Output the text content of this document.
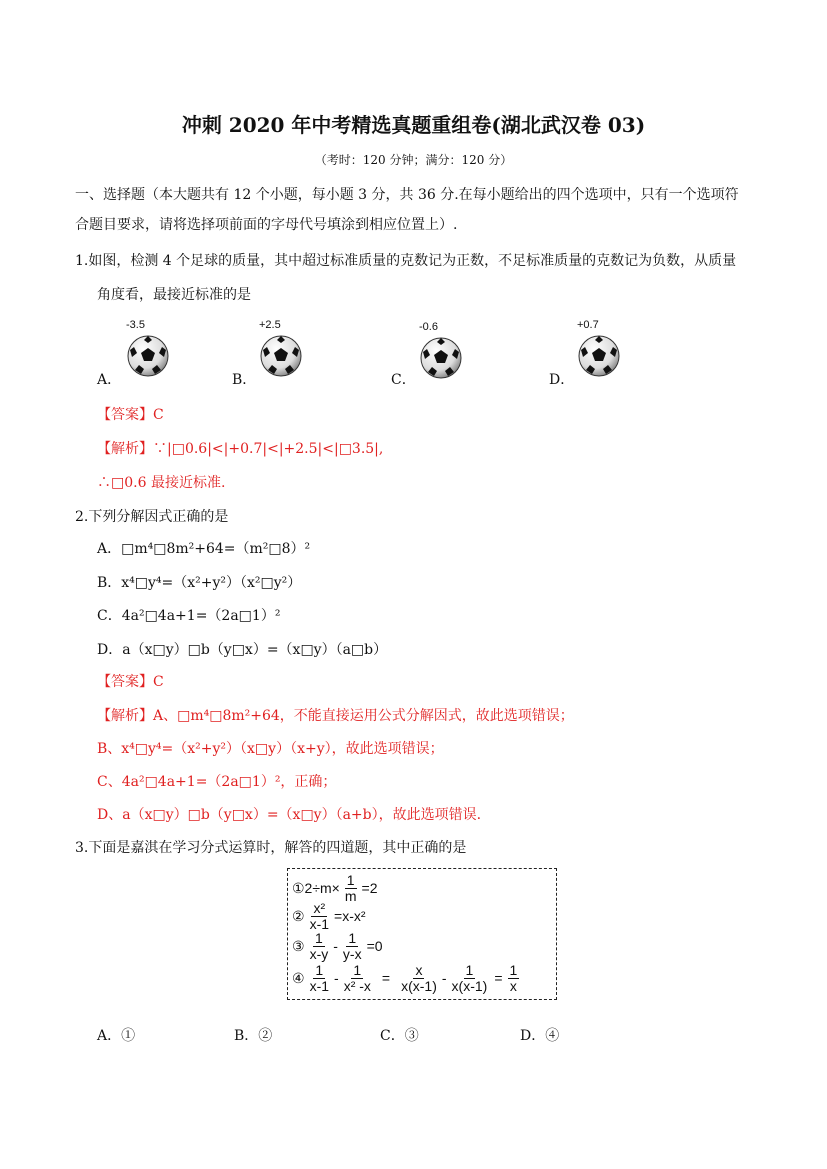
冲刺 2020 年中考精选真题重组卷(湖北武汉卷 03)
（考时：120 分钟；满分：120 分）
一、选择题（本大题共有 12 个小题，每小题 3 分，共 36 分.在每小题给出的四个选项中，只有一个选项符
合题目要求，请将选择项前面的字母代号填涂到相应位置上）.
1.如图，检测 4 个足球的质量，其中超过标准质量的克数记为正数，不足标准质量的克数记为负数，从质量
角度看，最接近标准的是
A．
-3.5
B．
+2.5
C．
-0.6
D．
+0.7
【答案】C
【解析】∵|□0.6|<|+0.7|<|+2.5|<|□3.5|,
∴□0.6 最接近标准.
2.下列分解因式正确的是
A．□m⁴□8m²+64=（m²□8）²
B．x⁴□y⁴=（x²+y²）（x²□y²）
C．4a²□4a+1=（2a□1）²
D．a（x□y）□b（y□x）=（x□y）（a□b）
【答案】C
【解析】A、□m⁴□8m²+64，不能直接运用公式分解因式，故此选项错误；
B、x⁴□y⁴=（x²+y²）（x□y）（x+y），故此选项错误；
C、4a²□4a+1=（2a□1）²，正确；
D、a（x□y）□b（y□x）=（x□y）（a+b），故此选项错误.
3.下面是嘉淇在学习分式运算时，解答的四道题，其中正确的是
①2÷m× $\frac{1}{m} =2$
② $\frac{\text{x²}}{x-1} =x-x^2$
③ $\frac{1}{x-y} - \frac{1}{y-x} =0$
④ $\frac{1}{x-1} - \frac{1}{\text{x² -x}} = \frac{x}{x(x-1)} - \frac{1}{x(x-1)} = \frac{1}{x}$
A．①	B．②	C．③	D．④
